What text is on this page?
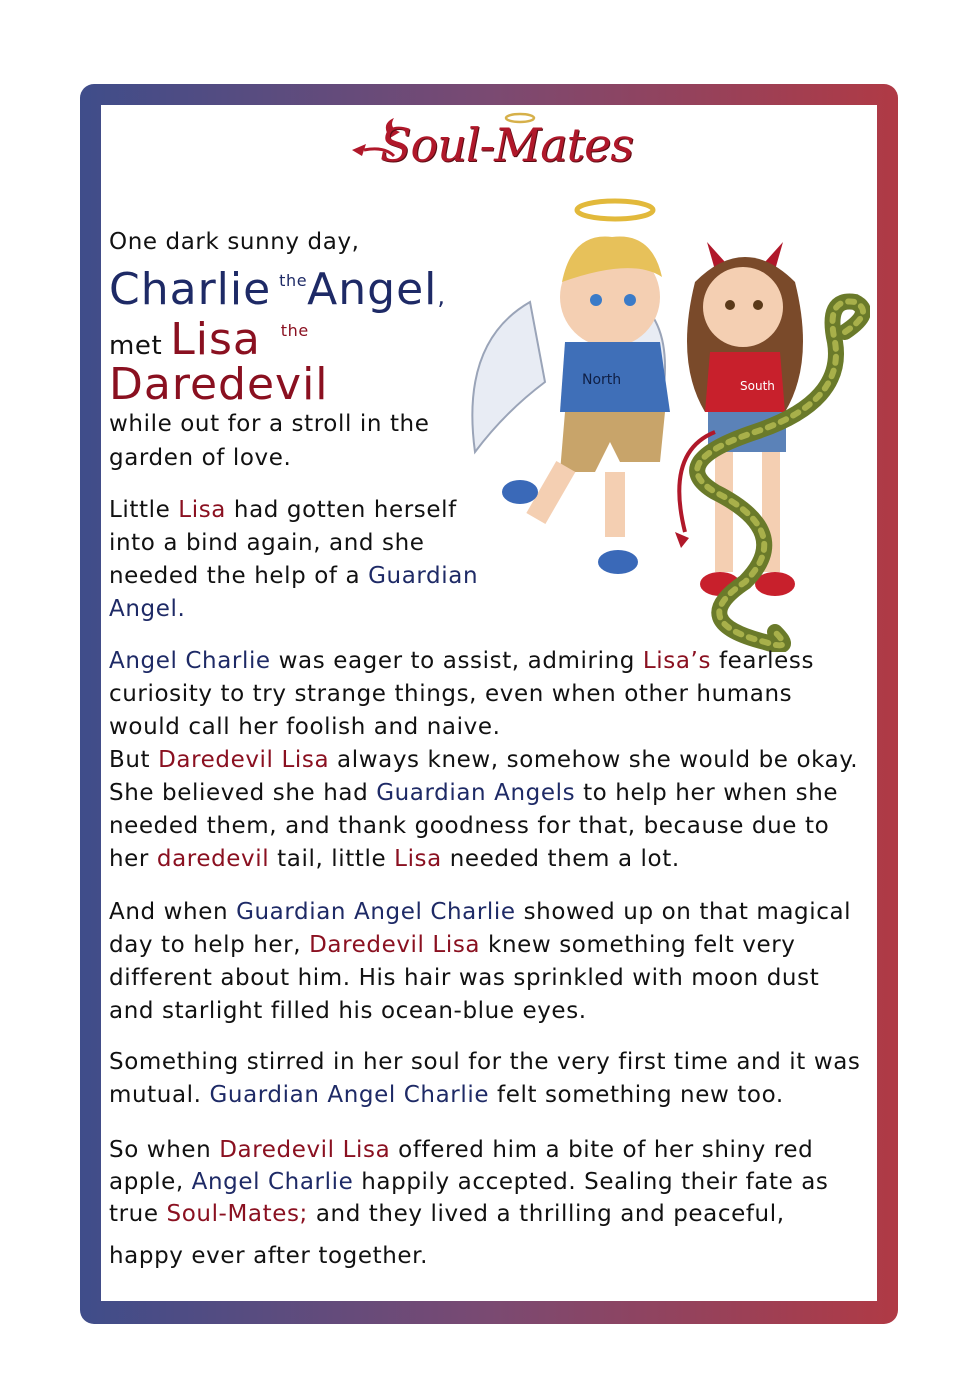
Soul-Mates
North	South
One dark sunny day,
Charlie $^{the}$Angel,
met Lisa $^{the}$
Daredevil
while out for a stroll in the
garden of love.
Little Lisa had gotten herself
into a bind again, and she
needed the help of a Guardian
Angel.
Angel Charlie was eager to assist, admiring Lisa’s fearless
curiosity to try strange things, even when other humans
would call her foolish and naive.
But Daredevil Lisa always knew, somehow she would be okay.
She believed she had Guardian Angels to help her when she
needed them, and thank goodness for that, because due to
her daredevil tail, little Lisa needed them a lot.
And when Guardian Angel Charlie showed up on that magical
day to help her, Daredevil Lisa knew something felt very
different about him. His hair was sprinkled with moon dust
and starlight filled his ocean-blue eyes.
Something stirred in her soul for the very first time and it was
mutual. Guardian Angel Charlie felt something new too.
So when Daredevil Lisa offered him a bite of her shiny red
apple, Angel Charlie happily accepted. Sealing their fate as
true Soul-Mates; and they lived a thrilling and peaceful,
happy ever after together.
